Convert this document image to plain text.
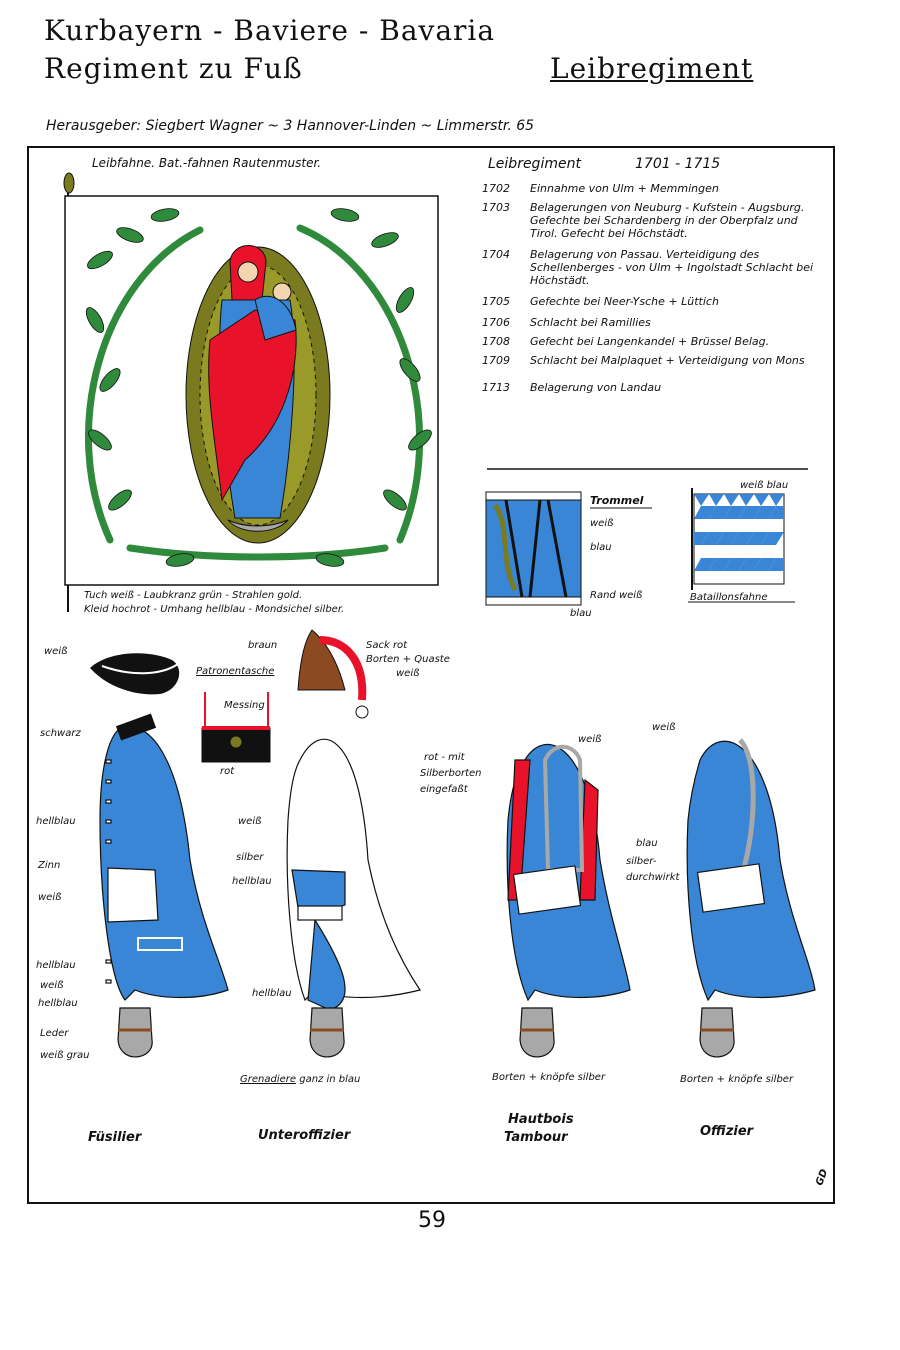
Kurbayern - Baviere - Bavaria
Regiment zu Fuß	Leibregiment
Herausgeber: Siegbert Wagner ~ 3 Hannover-Linden ~ Limmerstr. 65
Leibfahne. Bat.-fahnen Rautenmuster.
Tuch weiß - Laubkranz grün - Strahlen gold.
Kleid hochrot - Umhang hellblau - Mondsichel silber.
Leibregiment	1701 - 1715
1702	Einnahme von Ulm + Memmingen
1703	Belagerungen von Neuburg - Kufstein - Augsburg. Gefechte bei Schardenberg in der Oberpfalz und Tirol. Gefecht bei Höchstädt.
1704	Belagerung von Passau. Verteidigung des Schellenberges - von Ulm + Ingolstadt Schlacht bei Höchstädt.
1705	Gefechte bei Neer-Ysche + Lüttich
1706	Schlacht bei Ramillies
1708	Gefecht bei Langenkandel + Brüssel Belag.
1709	Schlacht bei Malplaquet + Verteidigung von Mons
1713	Belagerung von Landau
Trommel
weiß
blau
Rand weiß
blau
weiß blau
Bataillonsfahne
weiß
braun	Sack rot
Borten + Quaste
weiß
Patronentasche
Messing
rot
schwarz
hellblau
Zinn
weiß
hellblau
weiß
hellblau
Leder
weiß grau
weiß
silber
hellblau
hellblau
Grenadiere ganz in blau
weiß
rot - mit
Silberborten
eingefaßt
Borten + knöpfe silber
weiß
blau
silber-
durchwirkt
Borten + knöpfe silber
Füsilier	Unteroffizier
Hautbois
Tambour	Offizier
GD
59
